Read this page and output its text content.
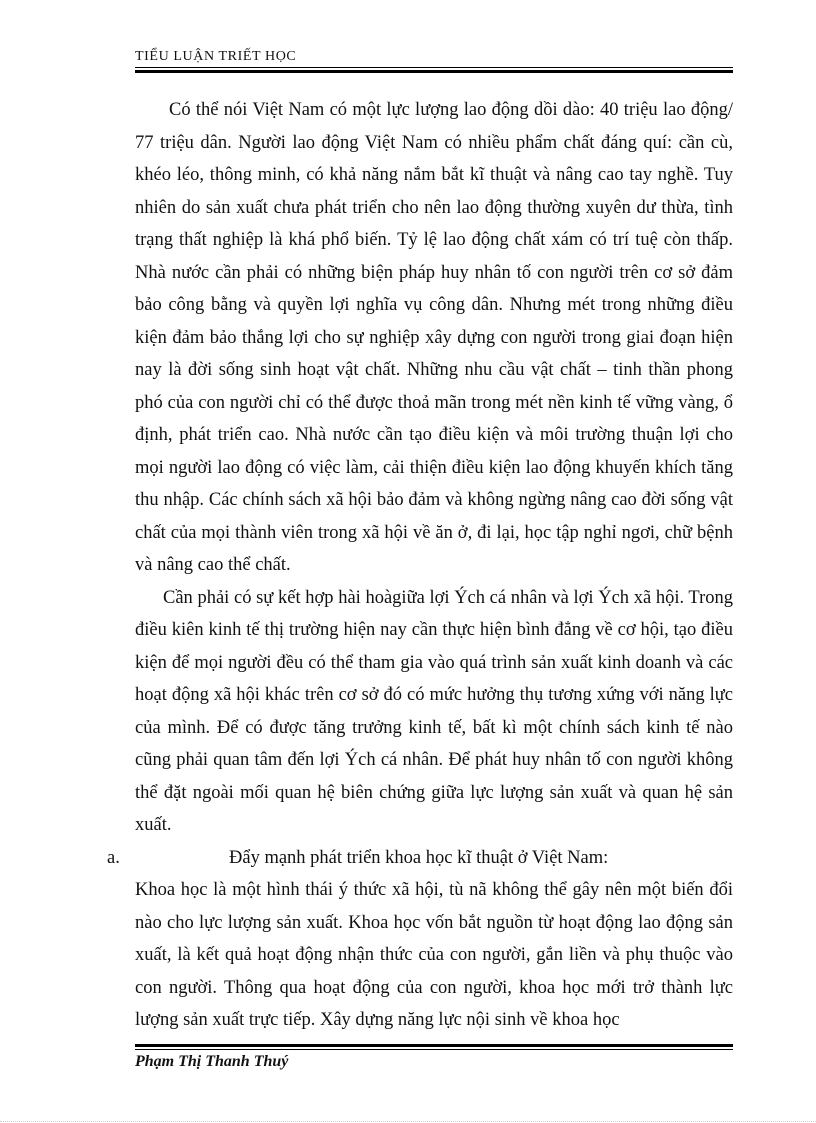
TIỂU LUẬN TRIẾT HỌC

Có thể nói Việt Nam có một lực lượng lao động dồi dào: 40 triệu lao động/ 77 triệu dân. Người lao động Việt Nam có nhiều phẩm chất đáng quí: cần cù, khéo léo, thông minh, có khả năng nắm bắt kĩ thuật và nâng cao tay nghề. Tuy nhiên do sản xuất chưa phát triển cho nên lao động thường xuyên dư thừa, tình trạng thất nghiệp là khá phổ biến. Tỷ lệ lao động chất xám có trí tuệ còn thấp. Nhà nước cần phải có những biện pháp huy nhân tố con người trên cơ sở đảm bảo công bằng và quyền lợi nghĩa vụ công dân. Nhưng mét trong những điều kiện đảm bảo thắng lợi cho sự nghiệp xây dựng con người trong giai đoạn hiện nay là đời sống sinh hoạt vật chất. Những nhu cầu vật chất – tinh thần phong phó của con người chỉ có thể được thoả mãn trong mét nền kinh tế vững vàng, ổ định, phát triển cao. Nhà nước cần tạo điều kiện và môi trường thuận lợi cho mọi người lao động có việc làm, cải thiện điều kiện lao động khuyến khích tăng thu nhập. Các chính sách xã hội bảo đảm và không ngừng nâng cao đời sống vật chất của mọi thành viên trong xã hội về ăn ở, đi lại, học tập nghỉ ngơi, chữ bệnh và nâng cao thể chất.

Cần phải có sự kết hợp hài hoàgiữa lợi Ých cá nhân và lợi Ých xã hội. Trong điều kiên kinh tế thị trường hiện nay cần thực hiện bình đẳng về cơ hội, tạo điều kiện để mọi người đều có thể tham gia vào quá trình sản xuất kinh doanh và các hoạt động xã hội khác trên cơ sở đó có mức hưởng thụ tương xứng với năng lực của mình. Để có được tăng trưởng kinh tế, bất kì một chính sách kinh tế nào cũng phải quan tâm đến lợi Ých cá nhân. Để phát huy nhân tố con người không thể đặt ngoài mối quan hệ biên chứng giữa lực lượng sản xuất và quan hệ sản xuất.

a.	Đẩy mạnh phát triển khoa học kĩ thuật ở Việt Nam:

Khoa học là một hình thái ý thức xã hội, tù nã không thể gây nên một biến đổi nào cho lực lượng sản xuất. Khoa học vốn bắt nguồn từ hoạt động lao động sản xuất, là kết quả hoạt động nhận thức của con người, gắn liền và phụ thuộc vào con người. Thông qua hoạt động của con người, khoa học mới trở thành lực lượng sản xuất trực tiếp. Xây dựng năng lực nội sinh về khoa học

Phạm Thị Thanh Thuý
